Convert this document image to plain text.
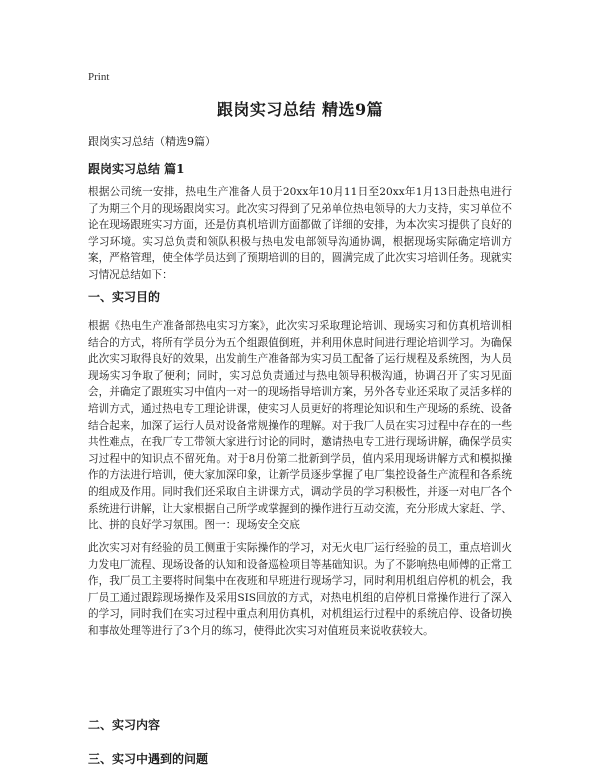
Print
跟岗实习总结 精选9篇
跟岗实习总结（精选9篇）
跟岗实习总结 篇1

根据公司统一安排，热电生产准备人员于20xx年10月11日至20xx年1月13日赴热电进行了为期三个月的现场跟岗实习。此次实习得到了兄弟单位热电领导的大力支持，实习单位不论在现场跟班实习方面，还是仿真机培训方面都做了详细的安排，为本次实习提供了良好的学习环境。实习总负责和领队积极与热电发电部领导沟通协调，根据现场实际确定培训方案，严格管理，使全体学员达到了预期培训的目的，圆满完成了此次实习培训任务。现就实习情况总结如下：

一、实习目的

根据《热电生产准备部热电实习方案》，此次实习采取理论培训、现场实习和仿真机培训相结合的方式，将所有学员分为五个组跟值倒班，并利用休息时间进行理论培训学习。为确保此次实习取得良好的效果，出发前生产准备部为实习员工配备了运行规程及系统图，为人员现场实习争取了便利；同时，实习总负责通过与热电领导积极沟通，协调召开了实习见面会，并确定了跟班实习中值内一对一的现场指导培训方案，另外各专业还采取了灵活多样的培训方式，通过热电专工理论讲课，使实习人员更好的将理论知识和生产现场的系统、设备结合起来，加深了运行人员对设备常规操作的理解。对于我厂人员在实习过程中存在的一些共性难点，在我厂专工带领大家进行讨论的同时，邀请热电专工进行现场讲解，确保学员实习过程中的知识点不留死角。对于8月份第二批新到学员，值内采用现场讲解方式和模拟操作的方法进行培训，使大家加深印象，让新学员逐步掌握了电厂集控设备生产流程和各系统的组成及作用。同时我们还采取自主讲课方式，调动学员的学习积极性，并逐一对电厂各个系统进行讲解，让大家根据自己所学或掌握到的操作进行互动交流，充分形成大家赶、学、比、拼的良好学习氛围。图一：现场安全交底

此次实习对有经验的员工侧重于实际操作的学习，对无火电厂运行经验的员工，重点培训火力发电厂流程、现场设备的认知和设备巡检项目等基础知识。为了不影响热电师傅的正常工作，我厂员工主要将时间集中在夜班和早班进行现场学习，同时利用机组启停机的机会，我厂员工通过跟踪现场操作及采用SIS回放的方式，对热电机组的启停机日常操作进行了深入的学习，同时我们在实习过程中重点利用仿真机，对机组运行过程中的系统启停、设备切换和事故处理等进行了3个月的练习，使得此次实习对值班员来说收获较大。

二、实习内容
三、实习中遇到的问题
